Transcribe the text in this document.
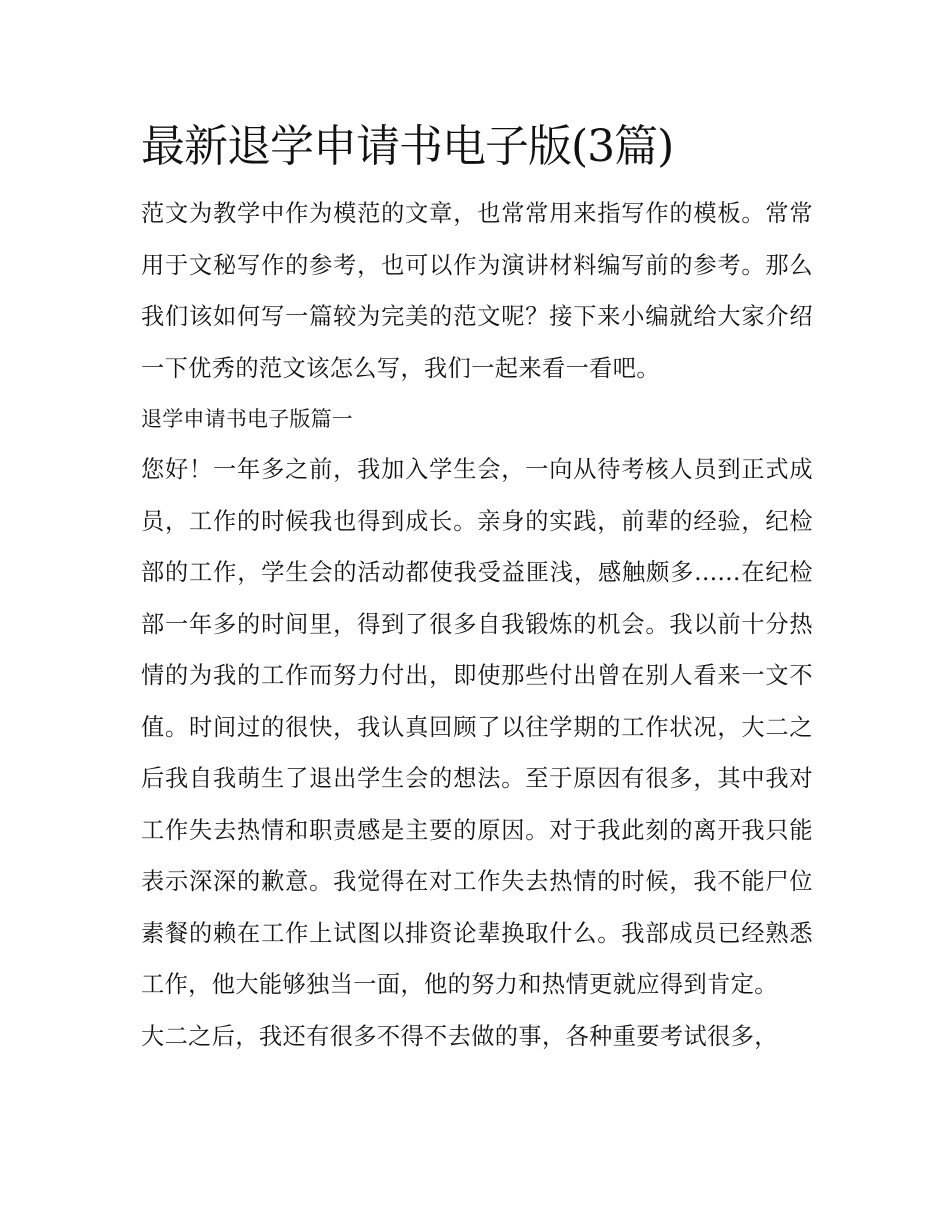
最新退学申请书电子版(3篇)

范文为教学中作为模范的文章，也常常用来指写作的模板。常常用于文秘写作的参考，也可以作为演讲材料编写前的参考。那么我们该如何写一篇较为完美的范文呢？接下来小编就给大家介绍一下优秀的范文该怎么写，我们一起来看一看吧。

退学申请书电子版篇一

您好！一年多之前，我加入学生会，一向从待考核人员到正式成员，工作的时候我也得到成长。亲身的实践，前辈的经验，纪检部的工作，学生会的活动都使我受益匪浅，感触颇多......在纪检部一年多的时间里，得到了很多自我锻炼的机会。我以前十分热情的为我的工作而努力付出，即使那些付出曾在别人看来一文不值。时间过的很快，我认真回顾了以往学期的工作状况，大二之后我自我萌生了退出学生会的想法。至于原因有很多，其中我对工作失去热情和职责感是主要的原因。对于我此刻的离开我只能表示深深的歉意。我觉得在对工作失去热情的时候，我不能尸位素餐的赖在工作上试图以排资论辈换取什么。我部成员已经熟悉工作，他大能够独当一面，他的努力和热情更就应得到肯定。

大二之后，我还有很多不得不去做的事，各种重要考试很多，
